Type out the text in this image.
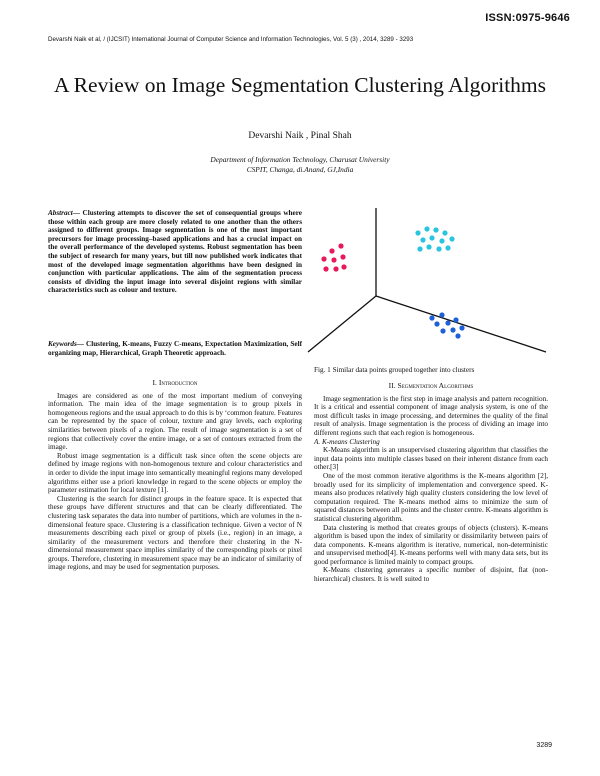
ISSN:0975-9646
Devarshi Naik et al, / (IJCSIT) International Journal of Computer Science and Information Technologies, Vol. 5 (3) , 2014, 3289 - 3293
A Review on Image Segmentation Clustering Algorithms
Devarshi Naik , Pinal Shah
Department of Information Technology, Charusat University
CSPIT, Changa, di.Anand, GJ,India
Abstract— Clustering attempts to discover the set of consequential groups where those within each group are more closely related to one another than the others assigned to different groups. Image segmentation is one of the most important precursors for image processing–based applications and has a crucial impact on the overall performance of the developed systems. Robust segmentation has been the subject of research for many years, but till now published work indicates that most of the developed image segmentation algorithms have been designed in conjunction with particular applications. The aim of the segmentation process consists of dividing the input image into several disjoint regions with similar characteristics such as colour and texture.
Keywords— Clustering, K-means, Fuzzy C-means, Expectation Maximization, Self organizing map, Hierarchical, Graph Theoretic approach.
I. Introduction

Images are considered as one of the most important medium of conveying information. The main idea of the image segmentation is to group pixels in homogeneous regions and the usual approach to do this is by ‘common feature. Features can be represented by the space of colour, texture and gray levels, each exploring similarities between pixels of a region. The result of image segmentation is a set of regions that collectively cover the entire image, or a set of contours extracted from the image.

Robust image segmentation is a difficult task since often the scene objects are defined by image regions with non-homogenous texture and colour characteristics and in order to divide the input image into semantically meaningful regions many developed algorithms either use a priori knowledge in regard to the scene objects or employ the parameter estimation for local texture [1].

Clustering is the search for distinct groups in the feature space. It is expected that these groups have different structures and that can be clearly differentiated. The clustering task separates the data into number of partitions, which are volumes in the n-dimensional feature space. Clustering is a classification technique. Given a vector of N measurements describing each pixel or group of pixels (i.e., region) in an image, a similarity of the measurement vectors and therefore their clustering in the N-dimensional measurement space implies similarity of the corresponding pixels or pixel groups. Therefore, clustering in measurement space may be an indicator of similarity of image regions, and may be used for segmentation purposes.

Fig. 1 Similar data points grouped together into clusters
II. Segmentation Algorithms

Image segmentation is the first step in image analysis and pattern recognition. It is a critical and essential component of image analysis system, is one of the most difficult tasks in image processing, and determines the quality of the final result of analysis. Image segmentation is the process of dividing an image into different regions such that each region is homogeneous.

A. K-means Clustering

K-Means algorithm is an unsupervised clustering algorithm that classifies the input data points into multiple classes based on their inherent distance from each other.[3]

One of the most common iterative algorithms is the K-means algorithm [2], broadly used for its simplicity of implementation and convergence speed. K-means also produces relatively high quality clusters considering the low level of computation required. The K-means method aims to minimize the sum of squared distances between all points and the cluster centre. K-means algorithm is statistical clustering algorithm.

Data clustering is method that creates groups of objects (clusters). K-means algorithm is based upon the index of similarity or dissimilarity between pairs of data components. K-means algorithm is iterative, numerical, non-deterministic and unsupervised method[4]. K-means performs well with many data sets, but its good performance is limited mainly to compact groups.

K-Means clustering generates a specific number of disjoint, flat (non-hierarchical) clusters. It is well suited to

3289
